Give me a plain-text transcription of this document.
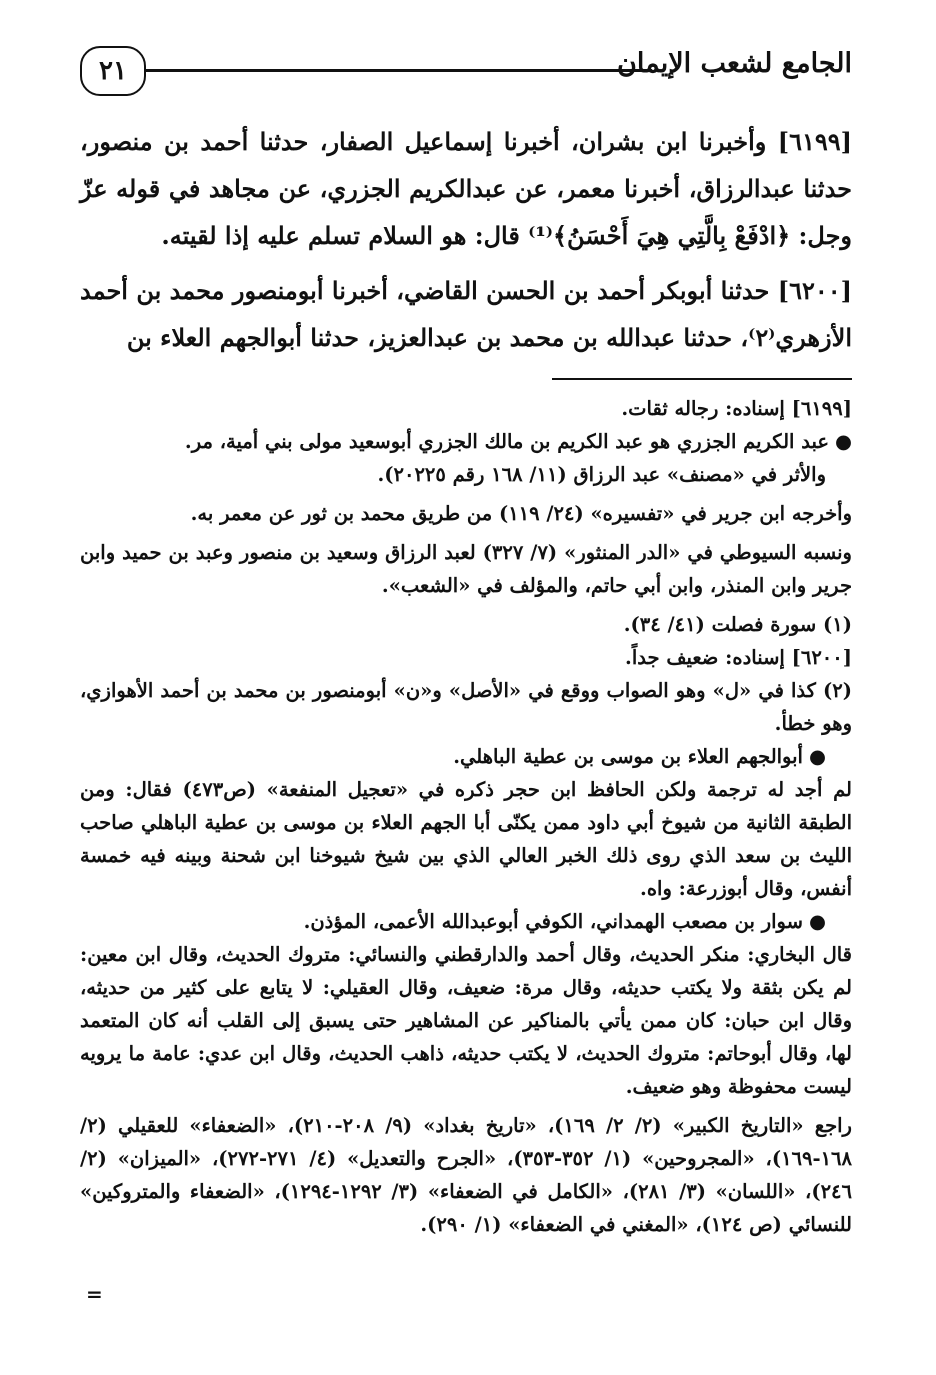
٢١	الجامع لشعب الإيمان

[٦١٩٩] وأخبرنا ابن بشران، أخبرنا إسماعيل الصفار، حدثنا أحمد بن منصور، حدثنا عبدالرزاق، أخبرنا معمر، عن عبدالكريم الجزري، عن مجاهد في قوله عزّ وجل: ﴿ادْفَعْ بِالَّتِي هِيَ أَحْسَنُ﴾⁽¹⁾ قال: هو السلام تسلم عليه إذا لقيته.

[٦٢٠٠] حدثنا أبوبكر أحمد بن الحسن القاضي، أخبرنا أبومنصور محمد بن أحمد الأزهري⁽٢⁾، حدثنا عبدالله بن محمد بن عبدالعزيز، حدثنا أبوالجهم العلاء بن

[٦١٩٩] إسناده: رجاله ثقات.

●عبد الكريم الجزري هو عبد الكريم بن مالك الجزري أبوسعيد مولى بني أمية، مر.

والأثر في «مصنف» عبد الرزاق (١١/ ١٦٨ رقم ٢٠٢٢٥).

وأخرجه ابن جرير في «تفسيره» (٢٤/ ١١٩) من طريق محمد بن ثور عن معمر به.

ونسبه السيوطي في «الدر المنثور» (٧/ ٣٢٧) لعبد الرزاق وسعيد بن منصور وعبد بن حميد وابن جرير وابن المنذر، وابن أبي حاتم، والمؤلف في «الشعب».

(١) سورة فصلت (٤١/ ٣٤).

[٦٢٠٠] إسناده: ضعيف جداً.

(٢) كذا في «ل» وهو الصواب ووقع في «الأصل» و«ن» أبومنصور بن محمد بن أحمد الأهوازي، وهو خطأ.

●أبوالجهم العلاء بن موسى بن عطية الباهلي.

لم أجد له ترجمة ولكن الحافظ ابن حجر ذكره في «تعجيل المنفعة» (ص٤٧٣) فقال: ومن الطبقة الثانية من شيوخ أبي داود ممن يكنّى أبا الجهم العلاء بن موسى بن عطية الباهلي صاحب الليث بن سعد الذي روى ذلك الخبر العالي الذي بين شيخ شيوخنا ابن شحنة وبينه فيه خمسة أنفس، وقال أبوزرعة: واه.

●سوار بن مصعب الهمداني، الكوفي أبوعبدالله الأعمى، المؤذن.

قال البخاري: منكر الحديث، وقال أحمد والدارقطني والنسائي: متروك الحديث، وقال ابن معين: لم يكن بثقة ولا يكتب حديثه، وقال مرة: ضعيف، وقال العقيلي: لا يتابع على كثير من حديثه، وقال ابن حبان: كان ممن يأتي بالمناكير عن المشاهير حتى يسبق إلى القلب أنه كان المتعمد لها، وقال أبوحاتم: متروك الحديث، لا يكتب حديثه، ذاهب الحديث، وقال ابن عدي: عامة ما يرويه ليست محفوظة وهو ضعيف.

راجع «التاريخ الكبير» (٢/ ٢/ ١٦٩)، «تاريخ بغداد» (٩/ ٢٠٨-٢١٠)، «الضعفاء» للعقيلي (٢/ ١٦٨-١٦٩)، «المجروحين» (١/ ٣٥٢-٣٥٣)، «الجرح والتعديل» (٤/ ٢٧١-٢٧٢)، «الميزان» (٢/ ٢٤٦)، «اللسان» (٣/ ٢٨١)، «الكامل في الضعفاء» (٣/ ١٢٩٢-١٢٩٤)، «الضعفاء والمتروكين» للنسائي (ص ١٢٤)، «المغني في الضعفاء» (١/ ٢٩٠).

=
